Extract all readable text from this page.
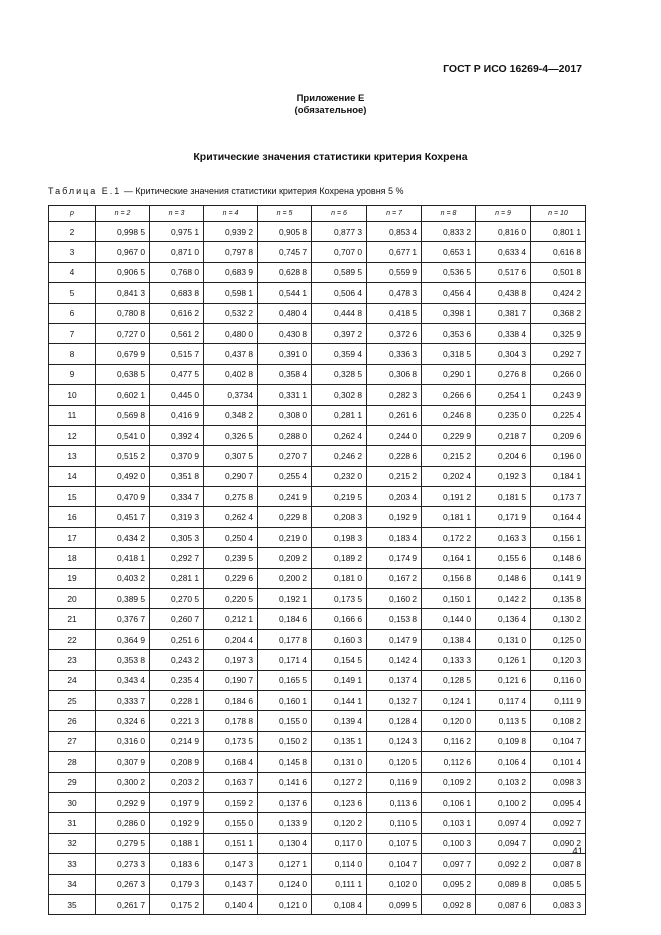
ГОСТ Р ИСО 16269-4—2017
Приложение Е
(обязательное)
Критические значения статистики критерия Кохрена
Таблица Е.1 — Критические значения статистики критерия Кохрена уровня 5 %
p	n = 2	n = 3	n = 4	n = 5	n = 6	n = 7	n = 8	n = 9	n = 10
2	0,998 5	0,975 1	0,939 2	0,905 8	0,877 3	0,853 4	0,833 2	0,816 0	0,801 1
3	0,967 0	0,871 0	0,797 8	0,745 7	0,707 0	0,677 1	0,653 1	0,633 4	0,616 8
4	0,906 5	0,768 0	0,683 9	0,628 8	0,589 5	0,559 9	0,536 5	0,517 6	0,501 8
5	0,841 3	0,683 8	0,598 1	0,544 1	0,506 4	0,478 3	0,456 4	0,438 8	0,424 2
6	0,780 8	0,616 2	0,532 2	0,480 4	0,444 8	0,418 5	0,398 1	0,381 7	0,368 2
7	0,727 0	0,561 2	0,480 0	0,430 8	0,397 2	0,372 6	0,353 6	0,338 4	0,325 9
8	0,679 9	0,515 7	0,437 8	0,391 0	0,359 4	0,336 3	0,318 5	0,304 3	0,292 7
9	0,638 5	0,477 5	0,402 8	0,358 4	0,328 5	0,306 8	0,290 1	0,276 8	0,266 0
10	0,602 1	0,445 0	0,3734	0,331 1	0,302 8	0,282 3	0,266 6	0,254 1	0,243 9
11	0,569 8	0,416 9	0,348 2	0,308 0	0,281 1	0,261 6	0,246 8	0,235 0	0,225 4
12	0,541 0	0,392 4	0,326 5	0,288 0	0,262 4	0,244 0	0,229 9	0,218 7	0,209 6
13	0,515 2	0,370 9	0,307 5	0,270 7	0,246 2	0,228 6	0,215 2	0,204 6	0,196 0
14	0,492 0	0,351 8	0,290 7	0,255 4	0,232 0	0,215 2	0,202 4	0,192 3	0,184 1
15	0,470 9	0,334 7	0,275 8	0,241 9	0,219 5	0,203 4	0,191 2	0,181 5	0,173 7
16	0,451 7	0,319 3	0,262 4	0,229 8	0,208 3	0,192 9	0,181 1	0,171 9	0,164 4
17	0,434 2	0,305 3	0,250 4	0,219 0	0,198 3	0,183 4	0,172 2	0,163 3	0,156 1
18	0,418 1	0,292 7	0,239 5	0,209 2	0,189 2	0,174 9	0,164 1	0,155 6	0,148 6
19	0,403 2	0,281 1	0,229 6	0,200 2	0,181 0	0,167 2	0,156 8	0,148 6	0,141 9
20	0,389 5	0,270 5	0,220 5	0,192 1	0,173 5	0,160 2	0,150 1	0,142 2	0,135 8
21	0,376 7	0,260 7	0,212 1	0,184 6	0,166 6	0,153 8	0,144 0	0,136 4	0,130 2
22	0,364 9	0,251 6	0,204 4	0,177 8	0,160 3	0,147 9	0,138 4	0,131 0	0,125 0
23	0,353 8	0,243 2	0,197 3	0,171 4	0,154 5	0,142 4	0,133 3	0,126 1	0,120 3
24	0,343 4	0,235 4	0,190 7	0,165 5	0,149 1	0,137 4	0,128 5	0,121 6	0,116 0
25	0,333 7	0,228 1	0,184 6	0,160 1	0,144 1	0,132 7	0,124 1	0,117 4	0,111 9
26	0,324 6	0,221 3	0,178 8	0,155 0	0,139 4	0,128 4	0,120 0	0,113 5	0,108 2
27	0,316 0	0,214 9	0,173 5	0,150 2	0,135 1	0,124 3	0,116 2	0,109 8	0,104 7
28	0,307 9	0,208 9	0,168 4	0,145 8	0,131 0	0,120 5	0,112 6	0,106 4	0,101 4
29	0,300 2	0,203 2	0,163 7	0,141 6	0,127 2	0,116 9	0,109 2	0,103 2	0,098 3
30	0,292 9	0,197 9	0,159 2	0,137 6	0,123 6	0,113 6	0,106 1	0,100 2	0,095 4
31	0,286 0	0,192 9	0,155 0	0,133 9	0,120 2	0,110 5	0,103 1	0,097 4	0,092 7
32	0,279 5	0,188 1	0,151 1	0,130 4	0,117 0	0,107 5	0,100 3	0,094 7	0,090 2
33	0,273 3	0,183 6	0,147 3	0,127 1	0,114 0	0,104 7	0,097 7	0,092 2	0,087 8
34	0,267 3	0,179 3	0,143 7	0,124 0	0,111 1	0,102 0	0,095 2	0,089 8	0,085 5
35	0,261 7	0,175 2	0,140 4	0,121 0	0,108 4	0,099 5	0,092 8	0,087 6	0,083 3
41
